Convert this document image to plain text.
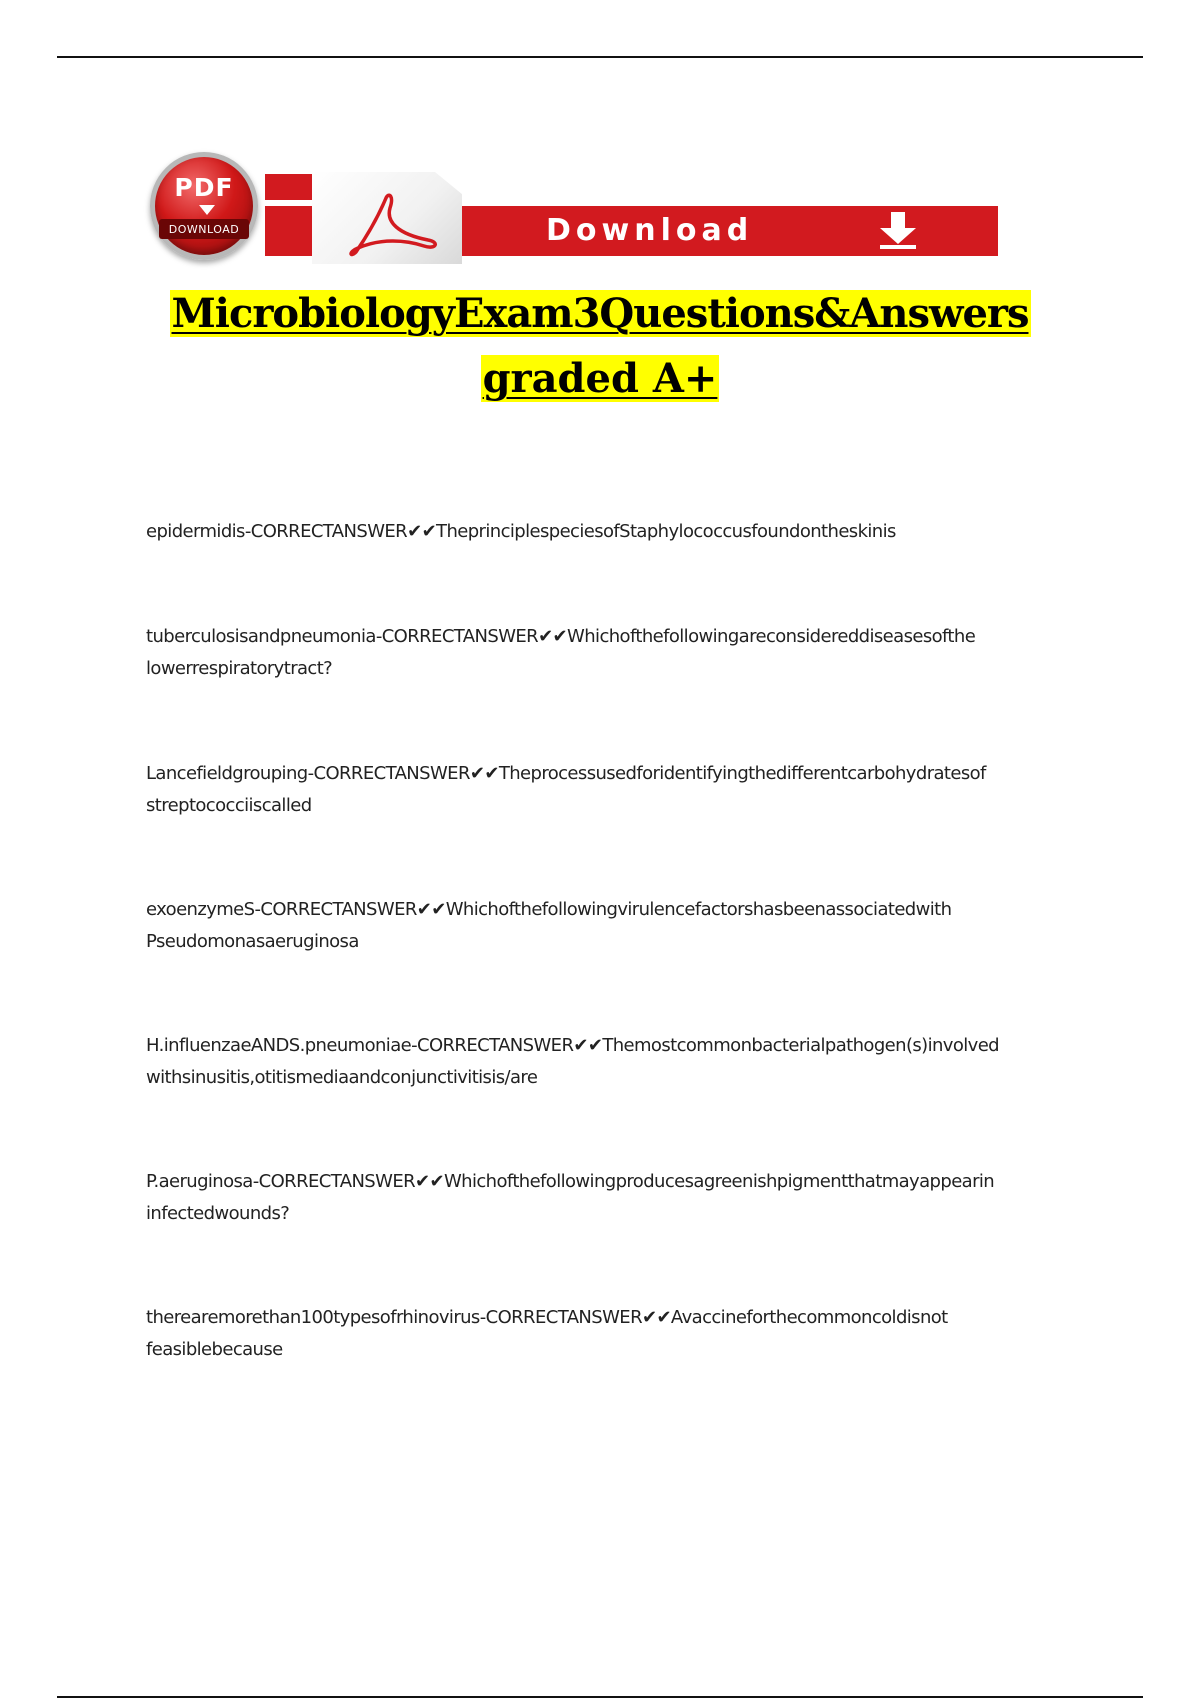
PDF
DOWNLOAD	Download
MicrobiologyExam3Questions&Answers
graded A+
epidermidis-CORRECTANSWER✔✔TheprinciplespeciesofStaphylococcusfoundontheskinis
tuberculosisandpneumonia-CORRECTANSWER✔✔Whichofthefollowingareconsidereddiseasesofthe
lowerrespiratorytract?
Lancefieldgrouping-CORRECTANSWER✔✔Theprocessusedforidentifyingthedifferentcarbohydratesof
streptococciiscalled
exoenzymeS-CORRECTANSWER✔✔Whichofthefollowingvirulencefactorshasbeenassociatedwith
Pseudomonasaeruginosa
H.influenzaeANDS.pneumoniae-CORRECTANSWER✔✔Themostcommonbacterialpathogen(s)involved
withsinusitis,otitismediaandconjunctivitisis/are
P.aeruginosa-CORRECTANSWER✔✔Whichofthefollowingproducesagreenishpigmentthatmayappearin
infectedwounds?
therearemorethan100typesofrhinovirus-CORRECTANSWER✔✔Avaccineforthecommoncoldisnot
feasiblebecause
